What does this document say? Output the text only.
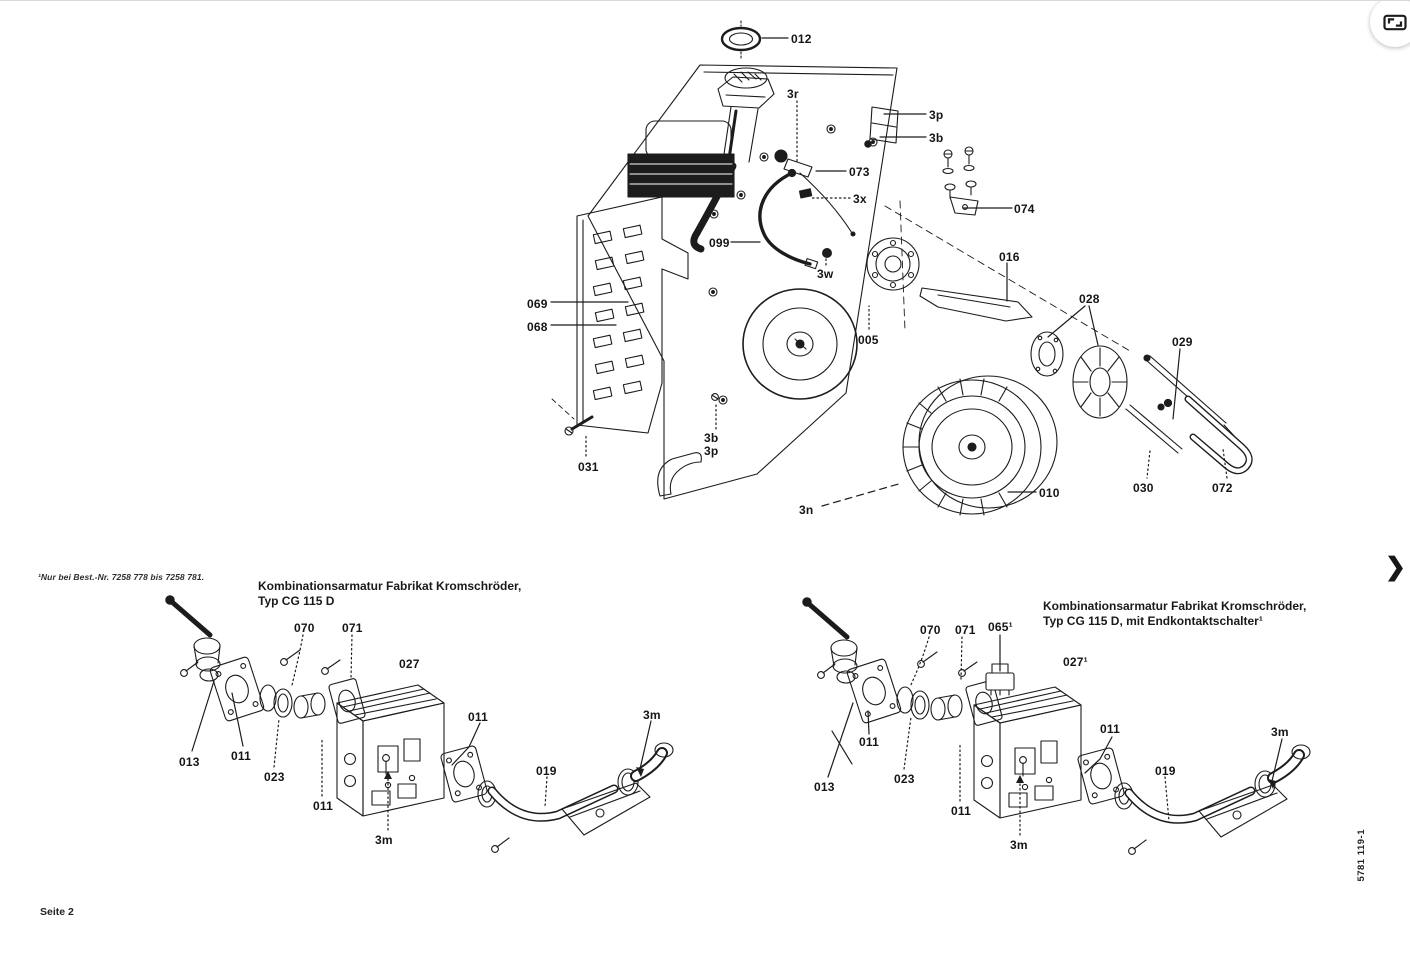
012
3r
3p
3b
073
3x
074
099
016
3w
028
069
068
005	029
3b
3p
031
030	072
010
3n
070 071
027
011
013
023
011
3m
011
019
3m
070 071 065¹
027¹
011
013
023
011
3m
011
019
3m
Kombinationsarmatur Fabrikat Kromschröder,
Typ CG 115 D	Kombinationsarmatur Fabrikat Kromschröder,
Typ CG 115 D, mit Endkontaktschalter¹
¹Nur bei Best.-Nr. 7258 778 bis 7258 781.
Seite 2
5781 119-1
❯
